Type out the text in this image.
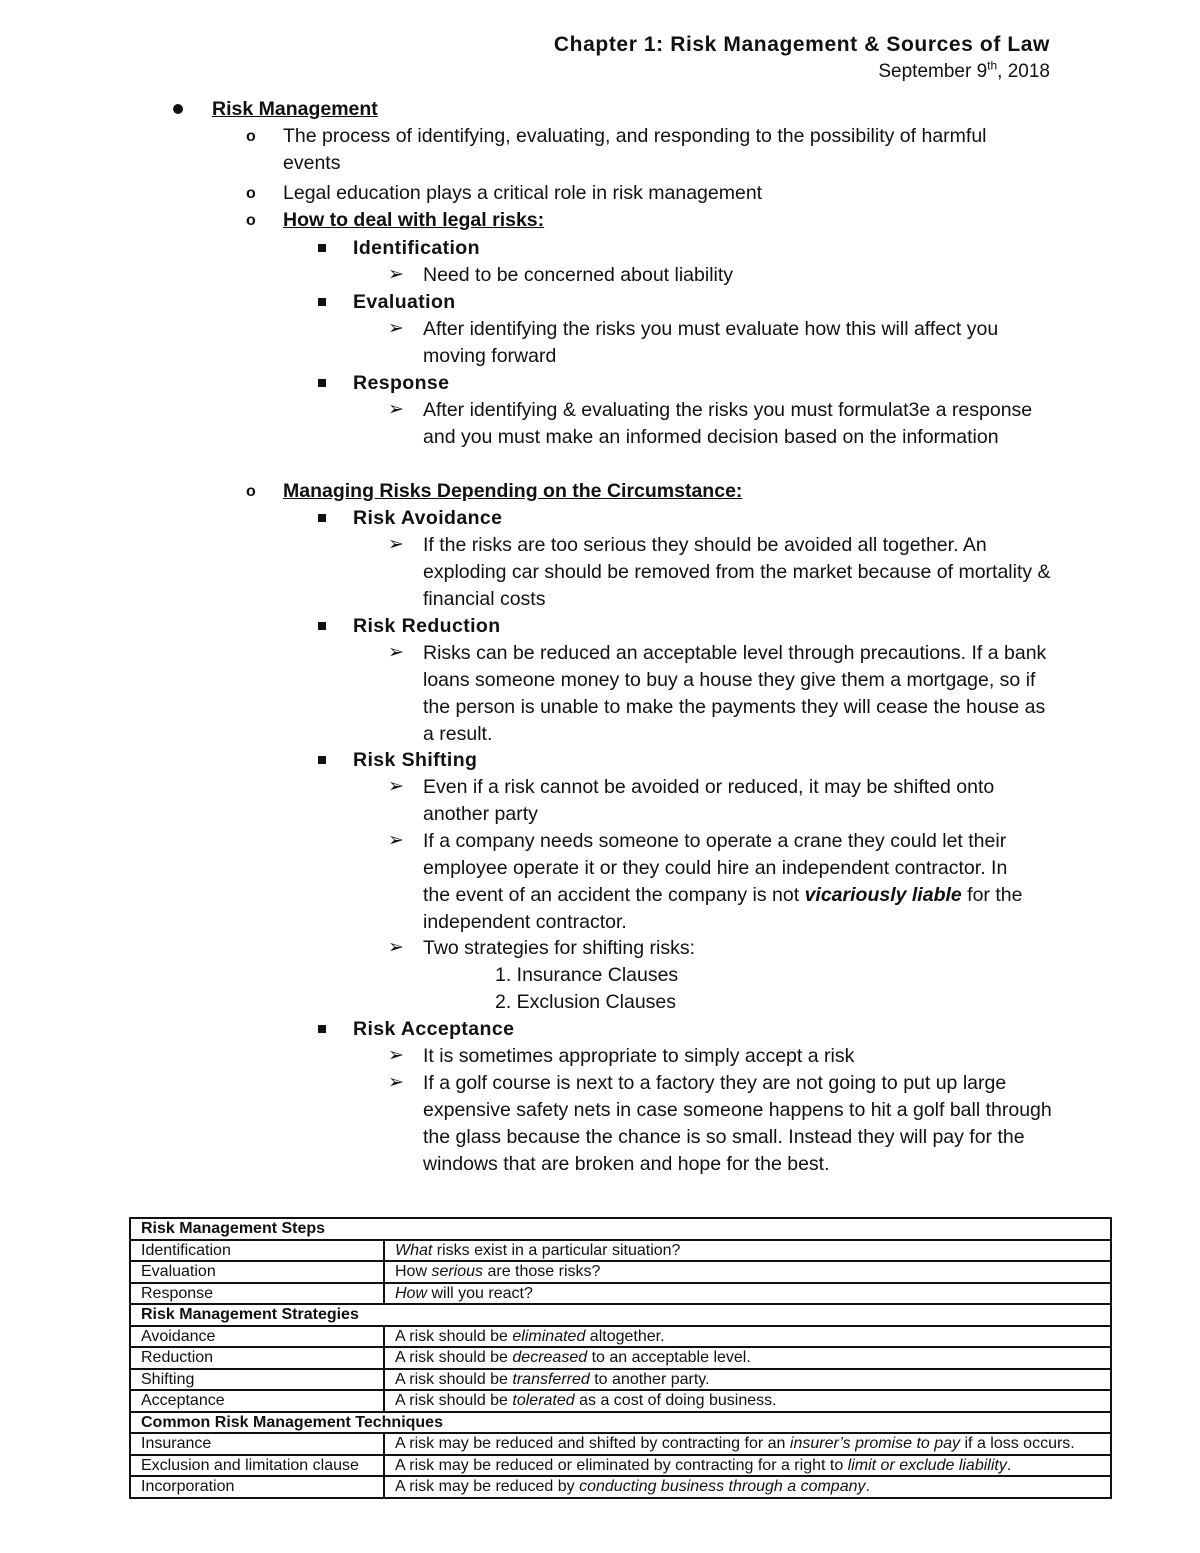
Chapter 1: Risk Management & Sources of Law
September 9th, 2018
Risk Management
o The process of identifying, evaluating, and responding to the possibility of harmful events
o Legal education plays a critical role in risk management
o How to deal with legal risks:
Identification
➢ Need to be concerned about liability
Evaluation
➢ After identifying the risks you must evaluate how this will affect you moving forward
Response
➢ After identifying & evaluating the risks you must formulat3e a response and you must make an informed decision based on the information
o Managing Risks Depending on the Circumstance:
Risk Avoidance
➢ If the risks are too serious they should be avoided all together. An exploding car should be removed from the market because of mortality & financial costs
Risk Reduction
➢ Risks can be reduced an acceptable level through precautions. If a bank loans someone money to buy a house they give them a mortgage, so if the person is unable to make the payments they will cease the house as a result.
Risk Shifting
➢ Even if a risk cannot be avoided or reduced, it may be shifted onto another party
➢ If a company needs someone to operate a crane they could let their employee operate it or they could hire an independent contractor. In the event of an accident the company is not vicariously liable for the independent contractor.
➢ Two strategies for shifting risks:
1. Insurance Clauses
2. Exclusion Clauses
Risk Acceptance
➢ It is sometimes appropriate to simply accept a risk
➢ If a golf course is next to a factory they are not going to put up large expensive safety nets in case someone happens to hit a golf ball through the glass because the chance is so small. Instead they will pay for the windows that are broken and hope for the best.
Risk Management Steps	
Identification	What risks exist in a particular situation?
Evaluation	How serious are those risks?
Response	How will you react?
Risk Management Strategies	
Avoidance	A risk should be eliminated altogether.
Reduction	A risk should be decreased to an acceptable level.
Shifting	A risk should be transferred to another party.
Acceptance	A risk should be tolerated as a cost of doing business.
Common Risk Management Techniques	
Insurance	A risk may be reduced and shifted by contracting for an insurer’s promise to pay if a loss occurs.
Exclusion and limitation clause	A risk may be reduced or eliminated by contracting for a right to limit or exclude liability.
Incorporation	A risk may be reduced by conducting business through a company.
